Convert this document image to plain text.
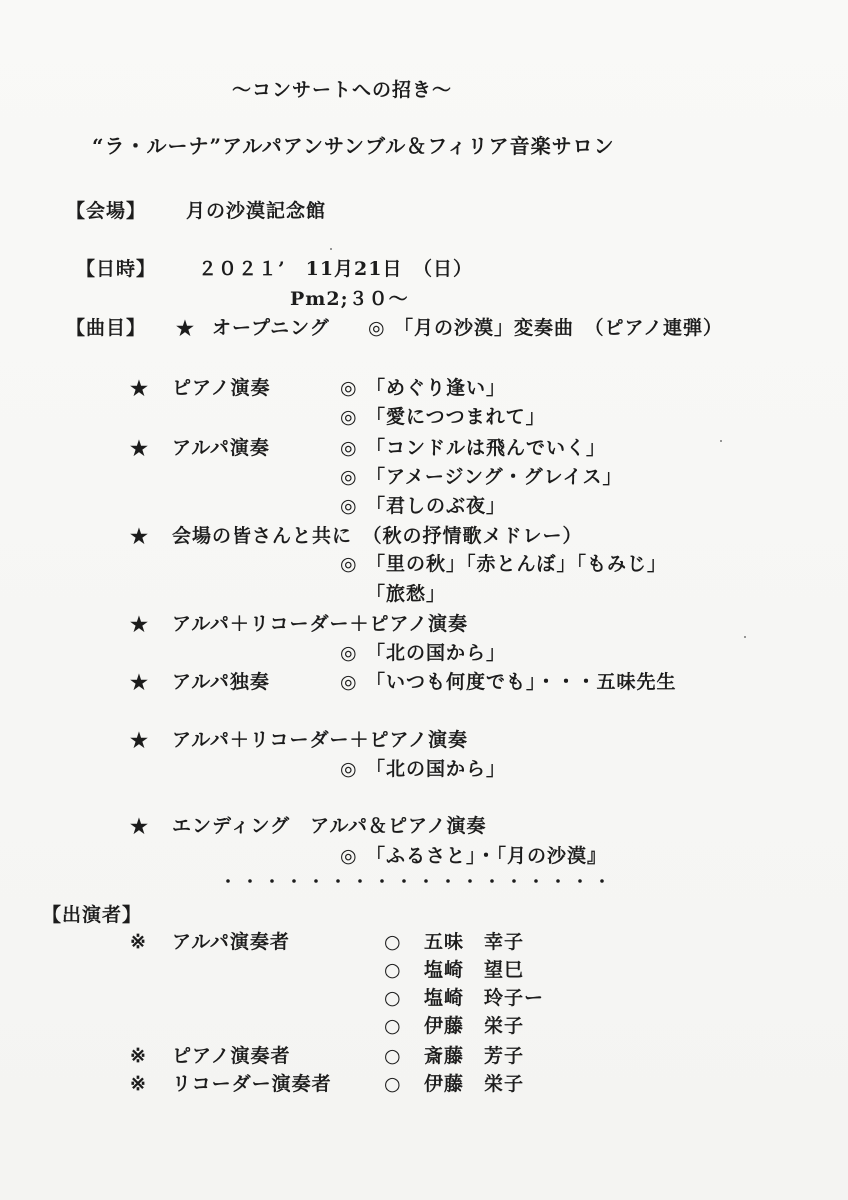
～コンサートへの招き～
“ラ・ルーナ”アルパアンサンブル＆フィリア音楽サロン
【会場】 月の沙漠記念館
【日時】 ２０２１’　11月21日　（日）
Pm2;３０～
【曲目】 ★ オープニング ◎ 「月の沙漠」変奏曲　（ピアノ連弾）
★ ピアノ演奏	◎ 「めぐり逢い」
◎ 「愛につつまれて」
★ アルパ演奏	◎ 「コンドルは飛んでいく」
◎ 「アメージング・グレイス」
◎ 「君しのぶ夜」
★ 会場の皆さんと共に　（秋の抒情歌メドレー）
◎ 「里の秋」「赤とんぼ」「もみじ」
「旅愁」
★ アルパ＋リコーダー＋ピアノ演奏
◎ 「北の国から」
★ アルパ独奏	◎ 「いつも何度でも」・・・五味先生
★ アルパ＋リコーダー＋ピアノ演奏
◎ 「北の国から」
★ エンディング　アルパ＆ピアノ演奏
◎ 「ふるさと」・「月の沙漠』
・・・・・・・・・・・・・・・・・・
【出演者】
※ アルパ演奏者	○ 五味　幸子
○ 塩崎　望巳
○ 塩崎　玲子ー
○ 伊藤　栄子
※ ピアノ演奏者	○ 斎藤　芳子
※ リコーダー演奏者	○ 伊藤　栄子
